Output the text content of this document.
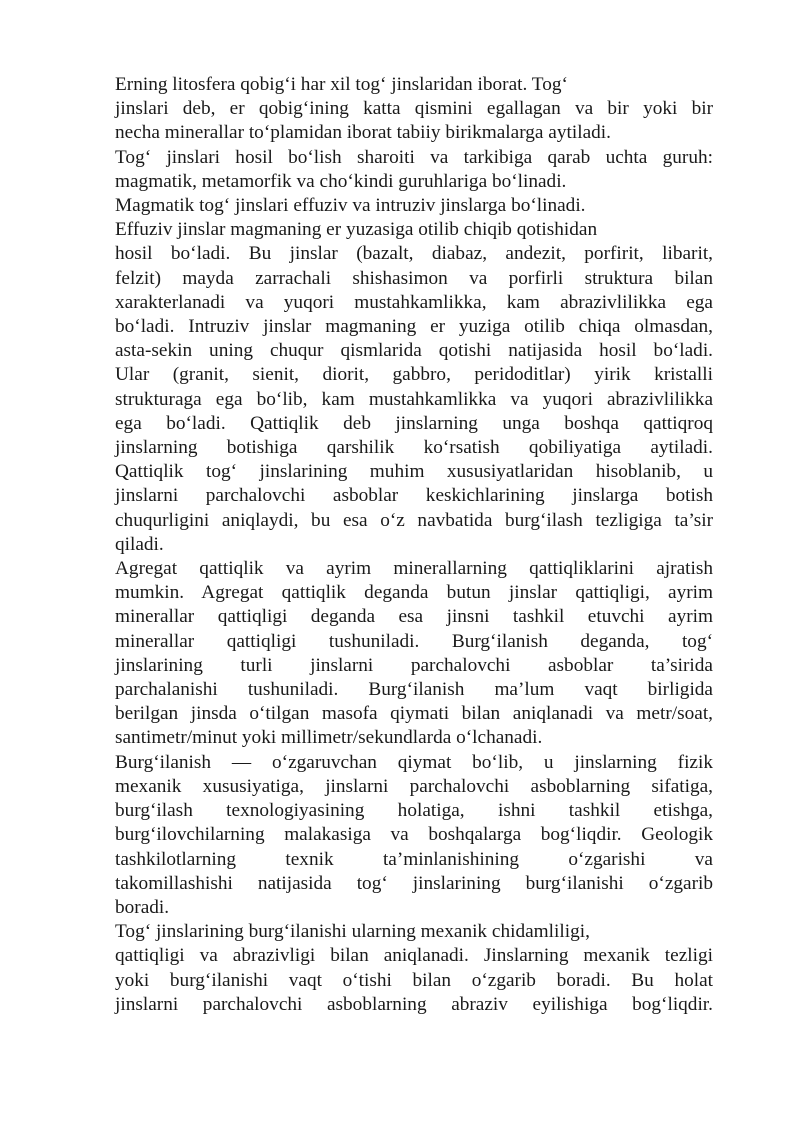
Erning litosfera qobig‘i har xil tog‘ jinslaridan iborat. Tog‘
jinslari deb, er qobig‘ining katta qismini egallagan va bir yoki bir
necha minerallar to‘plamidan iborat tabiiy birikmalarga aytiladi.
Tog‘ jinslari hosil bo‘lish sharoiti va tarkibiga qarab uchta guruh:
magmatik, metamorfik va cho‘kindi guruhlariga bo‘linadi.
Magmatik tog‘ jinslari effuziv va intruziv jinslarga bo‘linadi.
Effuziv jinslar magmaning er yuzasiga otilib chiqib qotishidan
hosil bo‘ladi. Bu jinslar (bazalt, diabaz, andezit, porfirit, libarit,
felzit) mayda zarrachali shishasimon va porfirli struktura bilan
xarakterlanadi va yuqori mustahkamlikka, kam abrazivlilikka ega
bo‘ladi. Intruziv jinslar magmaning er yuziga otilib chiqa olmasdan,
asta-sekin uning chuqur qismlarida qotishi natijasida hosil bo‘ladi.
Ular (granit, sienit, diorit, gabbro, peridoditlar) yirik kristalli
strukturaga ega bo‘lib, kam mustahkamlikka va yuqori abrazivlilikka
ega bo‘ladi. Qattiqlik deb jinslarning unga boshqa qattiqroq
jinslarning botishiga qarshilik ko‘rsatish qobiliyatiga aytiladi.
Qattiqlik tog‘ jinslarining muhim xususiyatlaridan hisoblanib, u
jinslarni parchalovchi asboblar keskichlarining jinslarga botish
chuqurligini aniqlaydi, bu esa o‘z navbatida burg‘ilash tezligiga ta’sir
qiladi.
Agregat qattiqlik va ayrim minerallarning qattiqliklarini ajratish
mumkin. Agregat qattiqlik deganda butun jinslar qattiqligi, ayrim
minerallar qattiqligi deganda esa jinsni tashkil etuvchi ayrim
minerallar qattiqligi tushuniladi. Burg‘ilanish deganda, tog‘
jinslarining turli jinslarni parchalovchi asboblar ta’sirida
parchalanishi tushuniladi. Burg‘ilanish ma’lum vaqt birligida
berilgan jinsda o‘tilgan masofa qiymati bilan aniqlanadi va metr/soat,
santimetr/minut yoki millimetr/sekundlarda o‘lchanadi.
Burg‘ilanish — o‘zgaruvchan qiymat bo‘lib, u jinslarning fizik
mexanik xususiyatiga, jinslarni parchalovchi asboblarning sifatiga,
burg‘ilash texnologiyasining holatiga, ishni tashkil etishga,
burg‘ilovchilarning malakasiga va boshqalarga bog‘liqdir. Geologik
tashkilotlarning texnik ta’minlanishining o‘zgarishi va
takomillashishi natijasida tog‘ jinslarining burg‘ilanishi o‘zgarib
boradi.
Tog‘ jinslarining burg‘ilanishi ularning mexanik chidamliligi,
qattiqligi va abrazivligi bilan aniqlanadi. Jinslarning mexanik tezligi
yoki burg‘ilanishi vaqt o‘tishi bilan o‘zgarib boradi. Bu holat
jinslarni parchalovchi asboblarning abraziv eyilishiga bog‘liqdir.
